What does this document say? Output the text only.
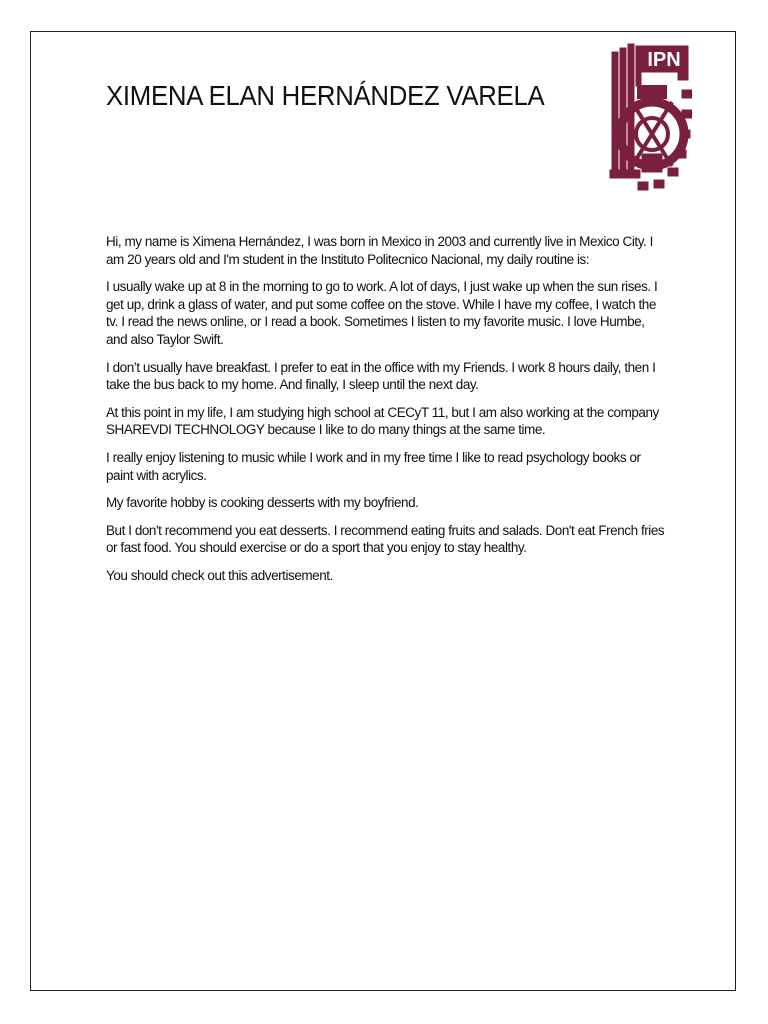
XIMENA ELAN HERNÁNDEZ VARELA
IPN

Hi, my name is Ximena Hernández, I was born in Mexico in 2003 and currently live in Mexico City. I am 20 years old and I'm student in the Instituto Politecnico Nacional, my daily routine is:

I usually wake up at 8 in the morning to go to work. A lot of days, I just wake up when the sun rises. I get up, drink a glass of water, and put some coffee on the stove. While I have my coffee, I watch the tv. I read the news online, or I read a book. Sometimes I listen to my favorite music. I love Humbe, and also Taylor Swift.

I don’t usually have breakfast. I prefer to eat in the office with my Friends. I work 8 hours daily, then I take the bus back to my home. And finally, I sleep until the next day.

At this point in my life, I am studying high school at CECyT 11, but I am also working at the company SHAREVDI TECHNOLOGY because I like to do many things at the same time.

I really enjoy listening to music while I work and in my free time I like to read psychology books or paint with acrylics.

My favorite hobby is cooking desserts with my boyfriend.

But I don't recommend you eat desserts. I recommend eating fruits and salads. Don't eat French fries or fast food. You should exercise or do a sport that you enjoy to stay healthy.

You should check out this advertisement.
